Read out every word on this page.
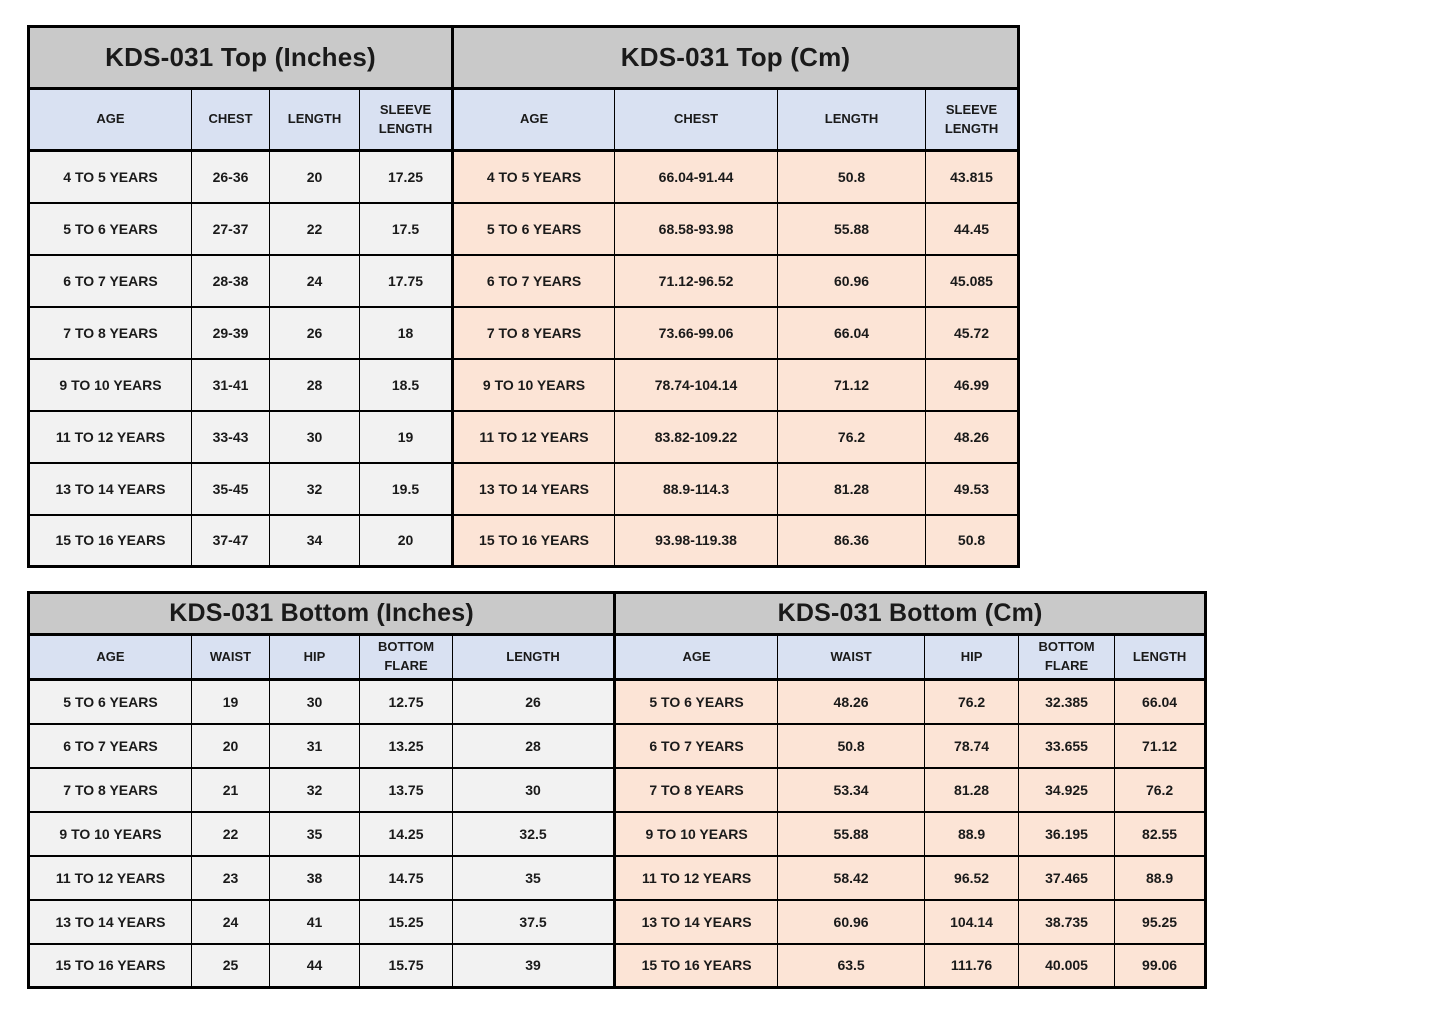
KDS-031 Top (Inches)				KDS-031 Top (Cm)			
AGE	CHEST	LENGTH	SLEEVE LENGTH	AGE	CHEST	LENGTH	SLEEVE LENGTH
4 TO 5 YEARS	26-36	20	17.25	4 TO 5 YEARS	66.04-91.44	50.8	43.815
5 TO 6 YEARS	27-37	22	17.5	5 TO 6 YEARS	68.58-93.98	55.88	44.45
6 TO 7 YEARS	28-38	24	17.75	6 TO 7 YEARS	71.12-96.52	60.96	45.085
7 TO 8 YEARS	29-39	26	18	7 TO 8 YEARS	73.66-99.06	66.04	45.72
9 TO 10 YEARS	31-41	28	18.5	9 TO 10 YEARS	78.74-104.14	71.12	46.99
11 TO 12 YEARS	33-43	30	19	11 TO 12 YEARS	83.82-109.22	76.2	48.26
13 TO 14 YEARS	35-45	32	19.5	13 TO 14 YEARS	88.9-114.3	81.28	49.53
15 TO 16 YEARS	37-47	34	20	15 TO 16 YEARS	93.98-119.38	86.36	50.8
KDS-031 Bottom (Inches)					KDS-031 Bottom (Cm)				
AGE	WAIST	HIP	BOTTOM FLARE	LENGTH	AGE	WAIST	HIP	BOTTOM FLARE	LENGTH
5 TO 6 YEARS	19	30	12.75	26	5 TO 6 YEARS	48.26	76.2	32.385	66.04
6 TO 7 YEARS	20	31	13.25	28	6 TO 7 YEARS	50.8	78.74	33.655	71.12
7 TO 8 YEARS	21	32	13.75	30	7 TO 8 YEARS	53.34	81.28	34.925	76.2
9 TO 10 YEARS	22	35	14.25	32.5	9 TO 10 YEARS	55.88	88.9	36.195	82.55
11 TO 12 YEARS	23	38	14.75	35	11 TO 12 YEARS	58.42	96.52	37.465	88.9
13 TO 14 YEARS	24	41	15.25	37.5	13 TO 14 YEARS	60.96	104.14	38.735	95.25
15 TO 16 YEARS	25	44	15.75	39	15 TO 16 YEARS	63.5	111.76	40.005	99.06
